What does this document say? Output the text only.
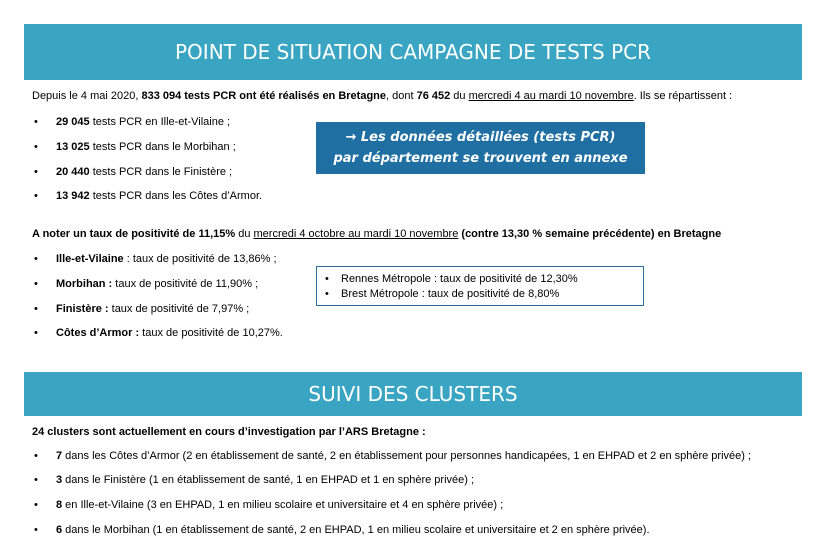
POINT DE SITUATION CAMPAGNE DE TESTS PCR
Depuis le 4 mai 2020, 833 094 tests PCR ont été réalisés en Bretagne, dont 76 452 du mercredi 4 au mardi 10 novembre. Ils se répartissent :
• 29 045 tests PCR en Ille-et-Vilaine ;
• 13 025 tests PCR dans le Morbihan ;
• 20 440 tests PCR dans le Finistère ;
• 13 942 tests PCR dans les Côtes d’Armor.
→ Les données détaillées (tests PCR)
par département se trouvent en annexe
A noter un taux de positivité de 11,15% du mercredi 4 octobre au mardi 10 novembre (contre 13,30 % semaine précédente) en Bretagne
• Ille-et-Vilaine : taux de positivité de 13,86% ;
• Morbihan : taux de positivité de 11,90% ;
• Finistère : taux de positivité de 7,97% ;
• Côtes d’Armor : taux de positivité de 10,27%.
• Rennes Métropole : taux de positivité de 12,30%
• Brest Métropole : taux de positivité de 8,80%
SUIVI DES CLUSTERS
24 clusters sont actuellement en cours d’investigation par l’ARS Bretagne :
• 7 dans les Côtes d’Armor (2 en établissement de santé, 2 en établissement pour personnes handicapées, 1 en EHPAD et 2 en sphère privée) ;
• 3 dans le Finistère (1 en établissement de santé, 1 en EHPAD et 1 en sphère privée) ;
• 8 en Ille-et-Vilaine (3 en EHPAD, 1 en milieu scolaire et universitaire et 4 en sphère privée) ;
• 6 dans le Morbihan (1 en établissement de santé, 2 en EHPAD, 1 en milieu scolaire et universitaire et 2 en sphère privée).
